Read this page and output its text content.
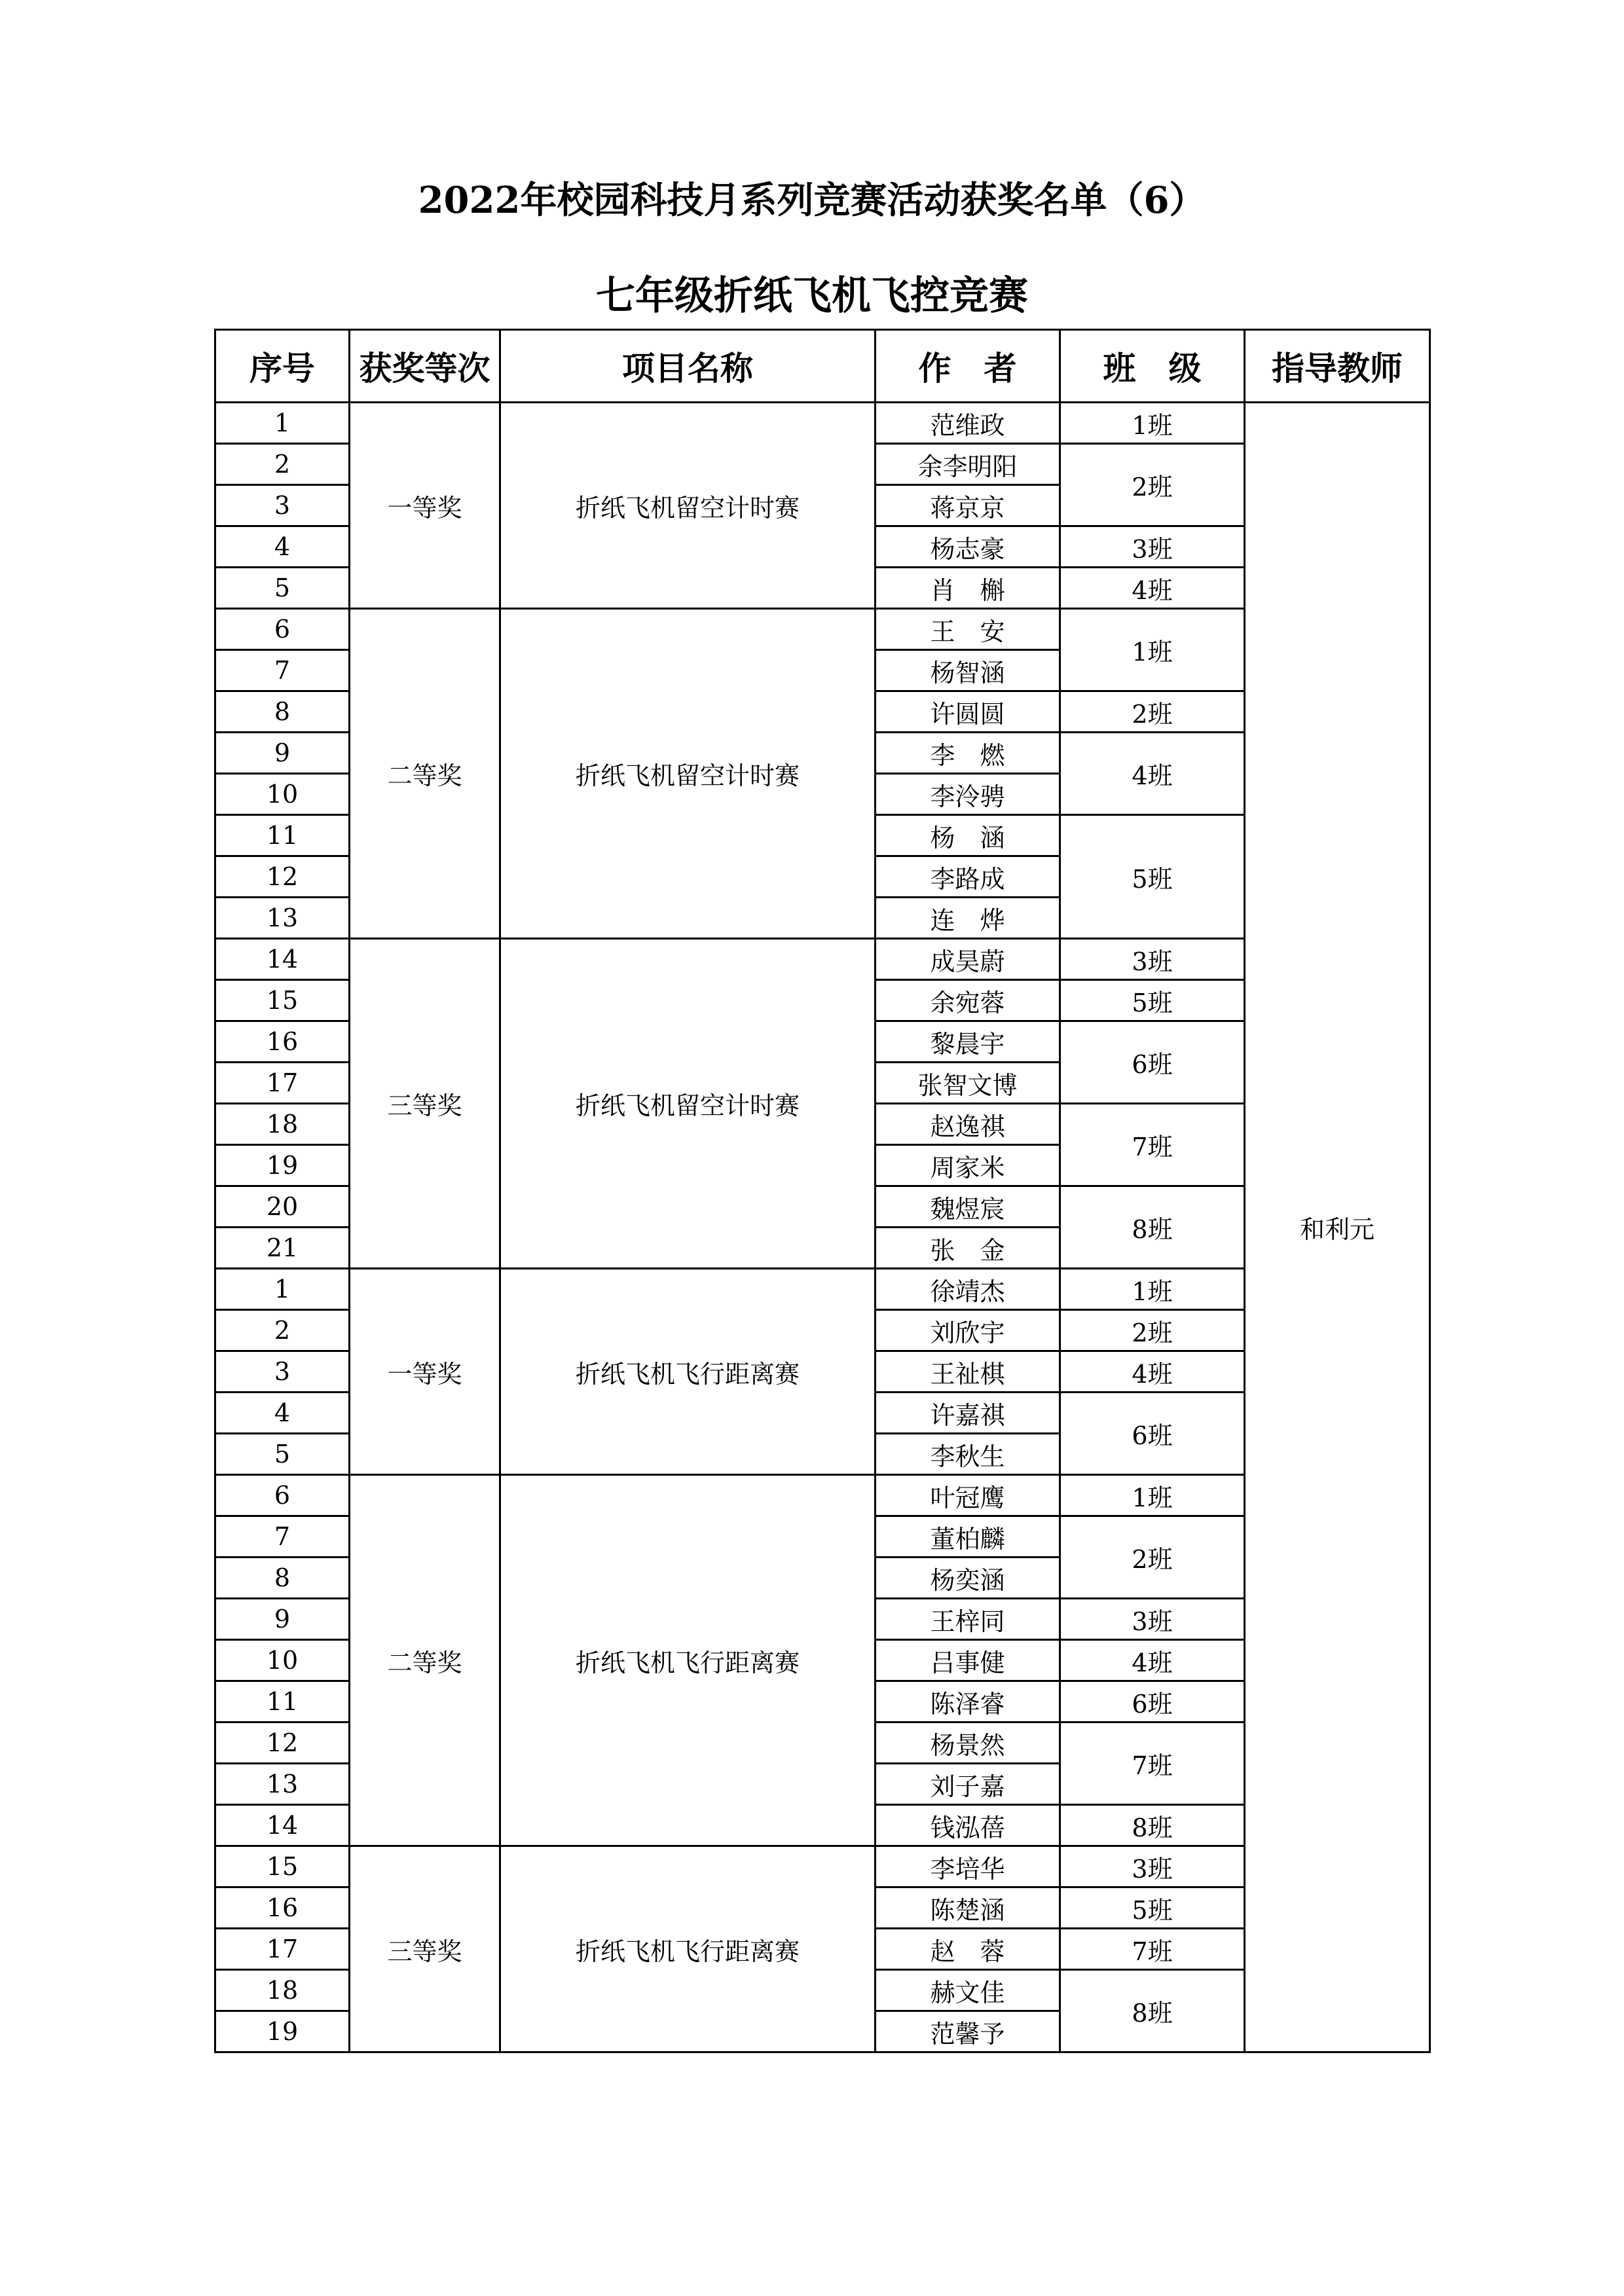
2022年校园科技月系列竞赛活动获奖名单（6）
七年级折纸飞机飞控竞赛
序号	获奖等次	项目名称	作　者	班　级	指导教师
1	一等奖	折纸飞机留空计时赛	范维政	1班	和利元
2			余李明阳	2班	
3			蒋京京		
4			杨志豪	3班	
5			肖　槲	4班	
6	二等奖	折纸飞机留空计时赛	王　安	1班	
7			杨智涵		
8			许圆圆	2班	
9			李　燃	4班	
10			李泠骋		
11			杨　涵	5班	
12			李路成		
13			连　烨		
14	三等奖	折纸飞机留空计时赛	成昊蔚	3班	
15			余宛蓉	5班	
16			黎晨宇	6班	
17			张智文博		
18			赵逸祺	7班	
19			周家米		
20			魏煜宸	8班	
21			张　金		
1	一等奖	折纸飞机飞行距离赛	徐靖杰	1班	
2			刘欣宇	2班	
3			王祉棋	4班	
4			许嘉祺	6班	
5			李秋生		
6	二等奖	折纸飞机飞行距离赛	叶冠鹰	1班	
7			董柏麟	2班	
8			杨奕涵		
9			王梓同	3班	
10			吕事健	4班	
11			陈泽睿	6班	
12			杨景然	7班	
13			刘子嘉		
14			钱泓蓓	8班	
15	三等奖	折纸飞机飞行距离赛	李培华	3班	
16			陈楚涵	5班	
17			赵　蓉	7班	
18			赫文佳	8班	
19			范馨予		
